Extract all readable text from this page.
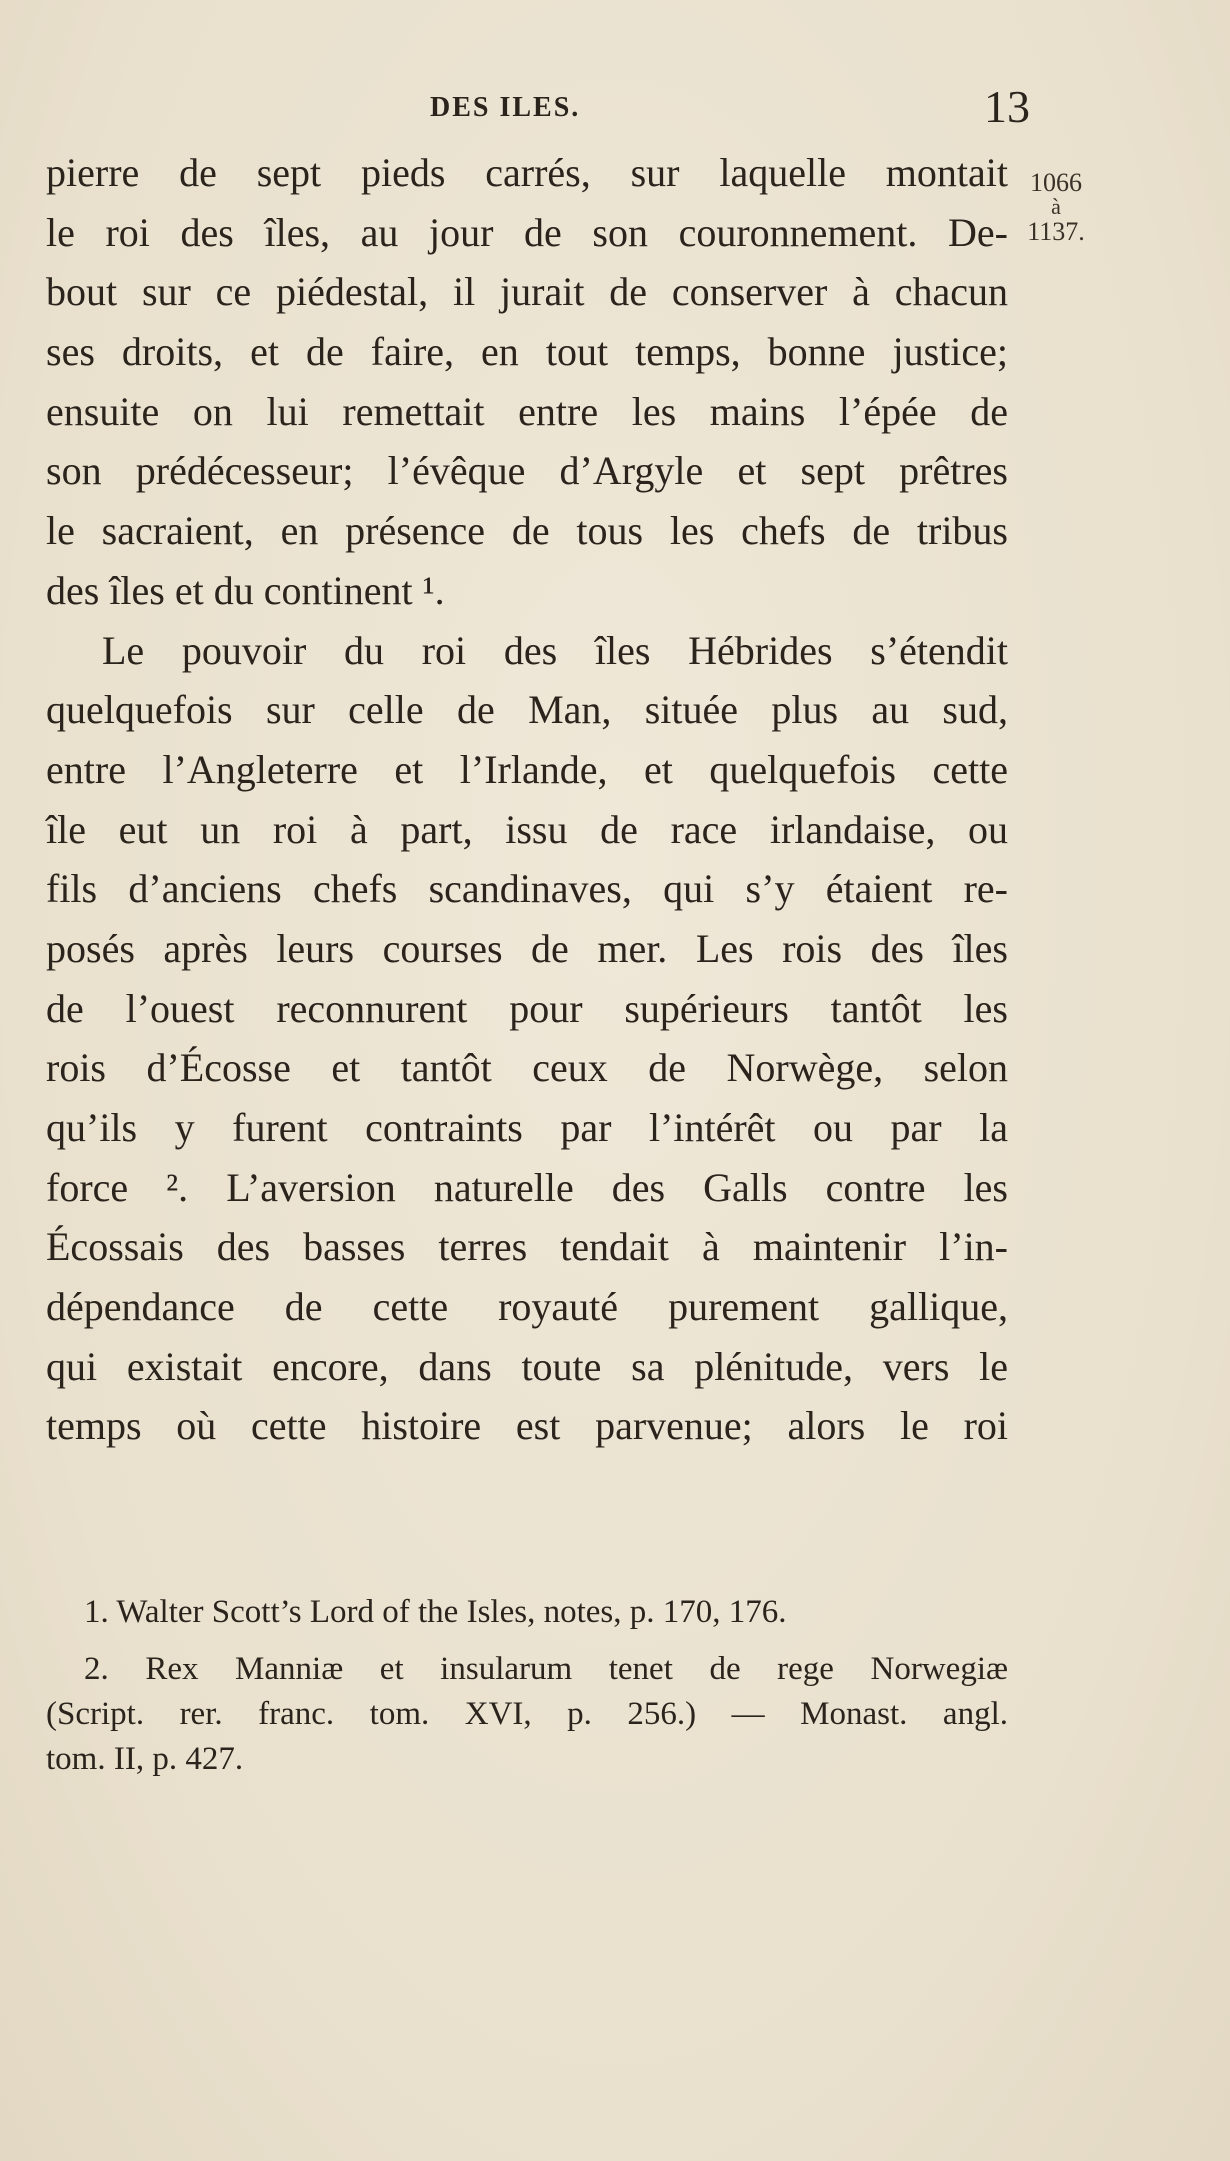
DES ILES.	13
1066
à
1137.
pierre de sept pieds carrés, sur laquelle montait
le roi des îles, au jour de son couronnement. De-
bout sur ce piédestal, il jurait de conserver à chacun
ses droits, et de faire, en tout temps, bonne justice;
ensuite on lui remettait entre les mains l’épée de
son prédécesseur; l’évêque d’Argyle et sept prêtres
le sacraient, en présence de tous les chefs de tribus
des îles et du continent ¹.
Le pouvoir du roi des îles Hébrides s’étendit
quelquefois sur celle de Man, située plus au sud,
entre l’Angleterre et l’Irlande, et quelquefois cette
île eut un roi à part, issu de race irlandaise, ou
fils d’anciens chefs scandinaves, qui s’y étaient re-
posés après leurs courses de mer. Les rois des îles
de l’ouest reconnurent pour supérieurs tantôt les
rois d’Écosse et tantôt ceux de Norwège, selon
qu’ils y furent contraints par l’intérêt ou par la
force ². L’aversion naturelle des Galls contre les
Écossais des basses terres tendait à maintenir l’in-
dépendance de cette royauté purement gallique,
qui existait encore, dans toute sa plénitude, vers le
temps où cette histoire est parvenue; alors le roi
1. Walter Scott’s Lord of the Isles, notes, p. 170, 176.
2. Rex Manniæ et insularum tenet de rege Norwegiæ
(Script. rer. franc. tom. XVI, p. 256.) — Monast. angl.
tom. II, p. 427.
